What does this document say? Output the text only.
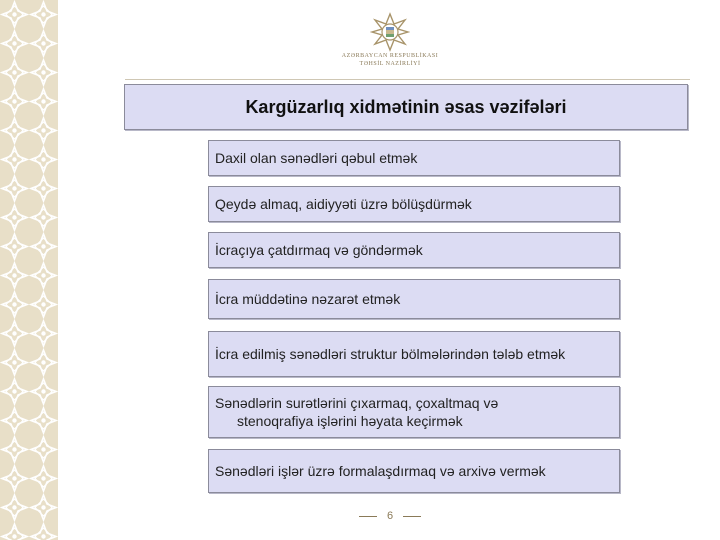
AZƏRBAYCAN RESPUBLİKASI
TƏHSİL NAZİRLİYİ
Kargüzarlıq xidmətinin əsas vəzifələri
Daxil olan sənədləri qəbul etmək
Qeydə almaq, aidiyyəti üzrə bölüşdürmək
İcraçıya çatdırmaq və göndərmək
İcra müddətinə nəzarət etmək
İcra edilmiş sənədləri struktur bölmələrindən tələb etmək
Sənədlərin surətlərini çıxarmaq, çoxaltmaq və
stenoqrafiya işlərini həyata keçirmək
Sənədləri işlər üzrə formalaşdırmaq və arxivə vermək
6
